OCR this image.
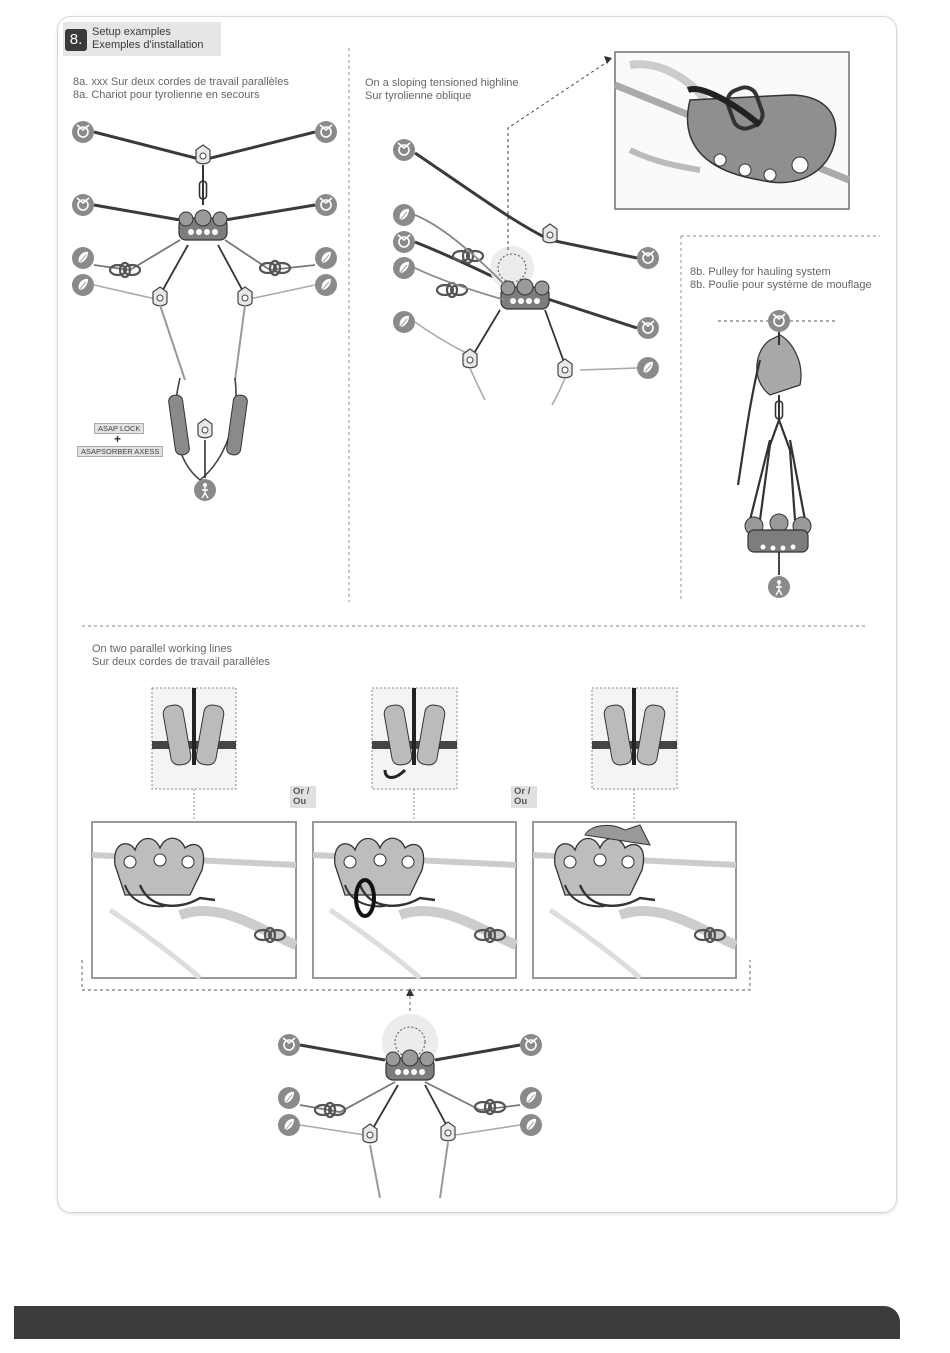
8. Setup examples
Exemples d'installation
8a. xxx Sur deux cordes de travail parallèles
8a. Chariot pour tyrolienne en secours
On a sloping tensioned highline
Sur tyrolienne oblique
8b. Pulley for hauling system
8b. Poulie pour système de mouflage
On two parallel working lines
Sur deux cordes de travail parallèles
ASAP LOCK
+
ASAPSORBER AXESS
Or /
Ou
Or /
Ou
